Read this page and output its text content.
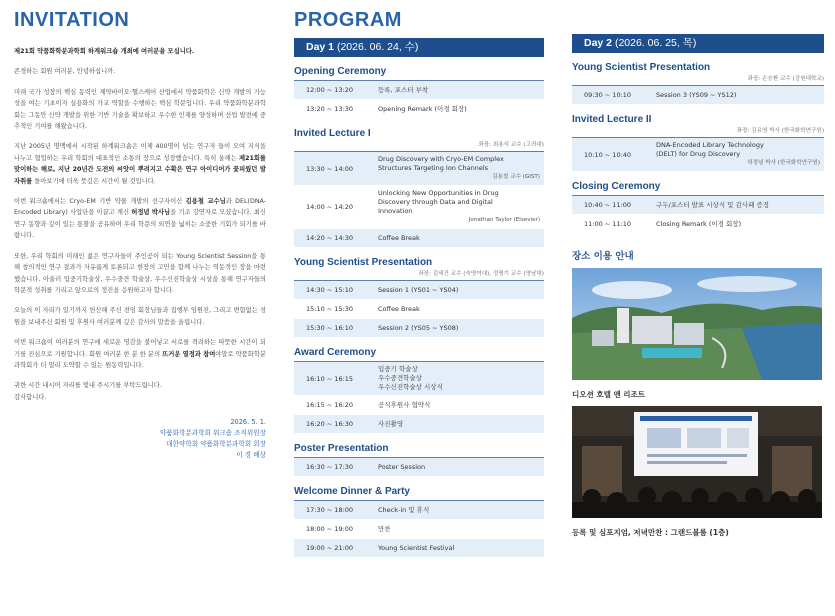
INVITATION

제21회 약품화학분과학회 하계워크숍 개최에 여러분을 모십니다.

존경하는 회원 여러분, 안녕하십니까.

미래 국가 성장의 핵심 동력인 제약바이오·헬스케어 산업에서 약품화학은 신약 개발의 가능성을 여는 기초이자 실용화의 가교 역할을 수행하는 핵심 학문입니다. 우리 약품화학분과학회는 그동안 신약 개발을 위한 기반 기술을 확보하고 우수한 인재를 양성하며 산업 발전에 중추적인 기여를 해왔습니다.

지난 2005년 명맥에서 시작된 하계워크숍은 이제 400명이 넘는 연구자 들이 모여 지식을 나누고 협업하는 우리 학회의 대표적인 소통의 장으로 성장했습니다. 특히 올해는 제21회를 맞이하는 해로, 지난 20년간 도전의 씨앗이 뿌려지고 수확은 연구 아이디어가 꽃피웠던 발자취를 돌아보기에 더욱 뜻깊은 시간이 될 것입니다.

이번 워크숍에서는 Cryo-EM 기반 약물 개발의 선구자이신 김용철 교수님과 DEL(DNA-Encoded Library) 사업단을 이끌고 계신 허정념 박사님을 기조 강연자로 모셨습니다. 최신 연구 동향과 깊이 있는 통찰을 공유하며 우리 학문의 외연을 넓히는 소중한 기회가 되기를 바랍니다.

또한, 우리 학회의 미래인 젊은 연구자들이 주인공이 되는 Young Scientist Session을 통해 창의적인 연구 결과가 자유롭게 토론되고 현장의 고민을 함께 나누는 역동적인 장을 마련했습니다. 아울러 입중기학술상, 우수중견 학술상, 우수신진학술상 시상을 통해 연구자들의 학문적 성취를 기리고 앞으로의 정진을 응원하고자 합니다.

오늘의 이 자리가 있기까지 헌신해 주신 전임 회장님들과 집행부 임원진, 그리고 변함없는 성원을 보내주신 회원 및 후원사 여러분께 깊은 감사의 말씀을 올립니다.

이번 워크숍이 여러분의 연구에 새로운 영감을 불어넣고 서로를 격려하는 따뜻한 시간이 되기를 진심으로 기원합니다. 회원 여러분 한 분 한 분의 뜨거운 열정과 참여야말로 약품화학분과학회가 더 멀리 도약할 수 있는 원동력입니다.

귀한 시간 내시어 자리를 빛내 주시기를 부탁드립니다.
감사합니다.

2026. 5. 1.
약품화학분과학회 워크숍 조직위원장
대한약학회 약품화학분과학회 회장
이 경 배상
PROGRAM
Day 1 (2026. 06. 24, 수)
Opening Ceremony
12:00 ~ 13:20	등록, 포스터 부착
13:20 ~ 13:30	Opening Remark (이경 회장)
Invited Lecture I
좌장: 최용석 교수 (고려대)
13:30 ~ 14:00
Drug Discovery with Cryo-EM Complex
Structures Targeting Ion Channels
김용철 교수 (GIST)
14:00 ~ 14:20
Unlocking New Opportunities in Drug
Discovery through Data and Digital
Innovation
Jonathan Taylor (Elsevier)
14:20 ~ 14:30	Coffee Break
Young Scientist Presentation
좌장: 김세건 교수 (숙명여대), 정명기 교수 (영남대)
14:30 ~ 15:10	Session 1 (YS01 ~ YS04)
15:10 ~ 15:30	Coffee Break
15:30 ~ 16:10	Session 2 (YS05 ~ YS08)
Award Ceremony
16:10 ~ 16:15
입중기 학술상
우수중견학술상
우수신진학술상 시상식
16:15 ~ 16:20	공식후원사 협약식
16:20 ~ 16:30	사진촬영
Poster Presentation
16:30 ~ 17:30	Poster Session
Welcome Dinner & Party
17:30 ~ 18:00	Check-in 및 휴식
18:00 ~ 19:00	만찬
19:00 ~ 21:00	Young Scientist Festival
Day 2 (2026. 06. 25, 목)
Young Scientist Presentation
좌장: 손승환 교수 (강원대학교)
09:30 ~ 10:10	Session 3 (YS09 ~ YS12)
Invited Lecture II
좌장: 김유영 박사 (한국화학연구원)
10:10 ~ 10:40
DNA-Encoded Library Technology
(DELT) for Drug Discovery
허정념 박사 (한국화학연구원)
Closing Ceremony
10:40 ~ 11:00	구두/포스터 발표 시상식 및 감사패 증정
11:00 ~ 11:10	Closing Remark (이경 회장)
장소 이용 안내
디오션 호텔 앤 리조트
등록 및 심포지엄, 저녁만찬 : 그랜드볼룸 (1층)
